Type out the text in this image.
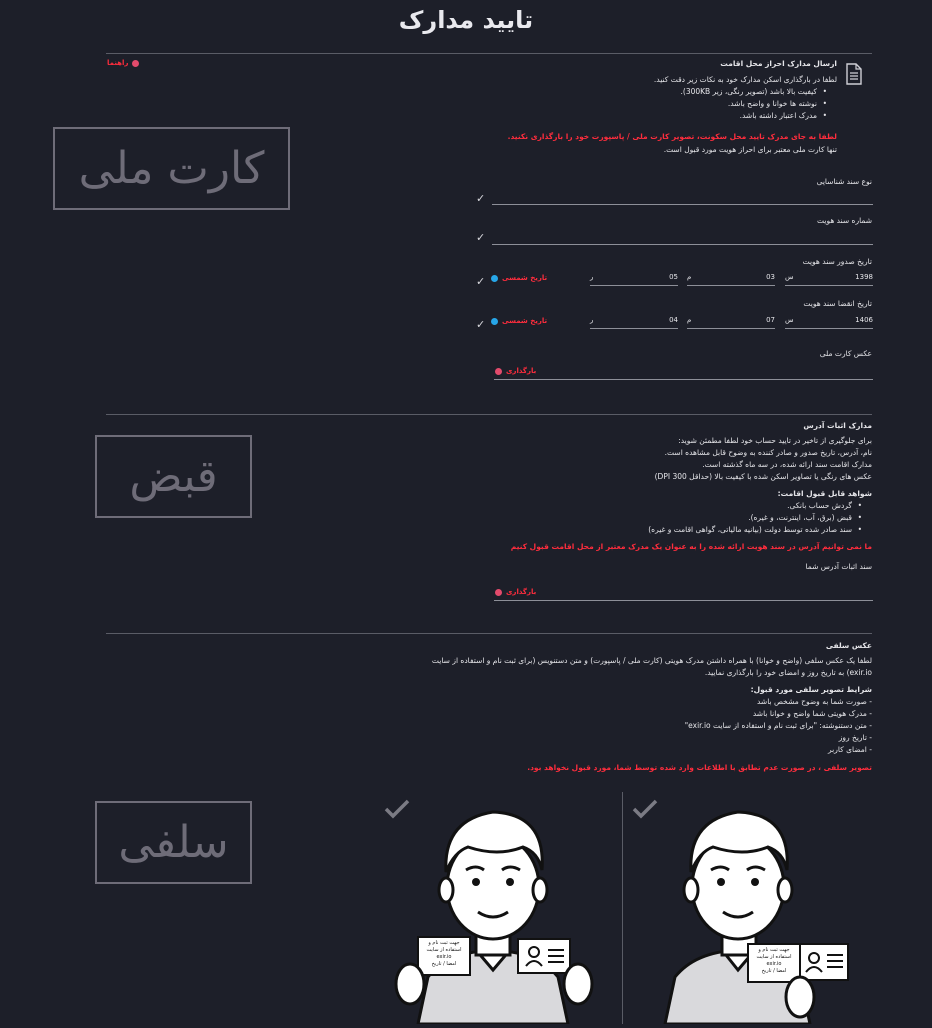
تایید مدارک
راهنما	ارسال مدارک احراز محل اقامت
لطفا در بارگذاری اسکن مدارک خود به نکات زیر دقت کنید.
• کیفیت بالا باشد (تصویر رنگی، زیر 300KB).
• نوشته ها خوانا و واضح باشد.
• مدرک اعتبار داشته باشد.
لطفا به جای مدرک تایید محل سکونت، تصویر کارت ملی / پاسپورت خود را بارگذاری نکنید.
تنها کارت ملی معتبر برای احراز هویت مورد قبول است.
کارت ملی	نوع سند شناسایی
✓
شماره سند هویت
✓
تاریخ صدور سند هویت
✓ تاریخ شمسی	س	1398
م	03
ر	05
تاریخ انقضا سند هویت
✓ تاریخ شمسی	س	1406
م	07
ر	04
عکس کارت ملی
بارگذاری
قبض
مدارک اثبات آدرس
برای جلوگیری از تاخیر در تایید حساب خود لطفا مطمئن شوید:
نام، آدرس، تاریخ صدور و صادر کننده به وضوح قابل مشاهده است.
مدارک اقامت سند ارائه شده، در سه ماه گذشته است.
عکس های رنگی یا تصاویر اسکن شده با کیفیت بالا (حداقل 300 DPI)
شواهد قابل قبول اقامت:
• گردش حساب بانکی.
• قبض (برق، آب، اینترنت، و غیره).
• سند صادر شده توسط دولت (بیانیه مالیاتی، گواهی اقامت و غیره)
ما نمی توانیم آدرس در سند هویت ارائه شده را به عنوان یک مدرک معتبر از محل اقامت قبول کنیم
سند اثبات آدرس شما
بارگذاری
عکس سلفی
لطفا یک عکس سلفی (واضح و خوانا) با همراه داشتن مدرک هویتی (کارت ملی / پاسپورت) و متن دستنویس (برای ثبت نام و استفاده از سایت
exir.io) به تاریخ روز و امضای خود را بارگذاری نمایید.
شرایط تصویر سلفی مورد قبول:
- صورت شما به وضوح مشخص باشد
- مدرک هویتی شما واضح و خوانا باشد
- متن دستنوشته: "برای ثبت نام و استفاده از سایت exir.io"
- تاریخ روز
- امضای کاربر
تصویر سلفی ، در صورت عدم تطابق با اطلاعات وارد شده توسط شما، مورد قبول نخواهد بود.
سلفی
جهت ثبت نام و
استفاده از سایت
exir.io
امضا / تاریخ
جهت ثبت نام و
استفاده از سایت
exir.io
امضا / تاریخ
